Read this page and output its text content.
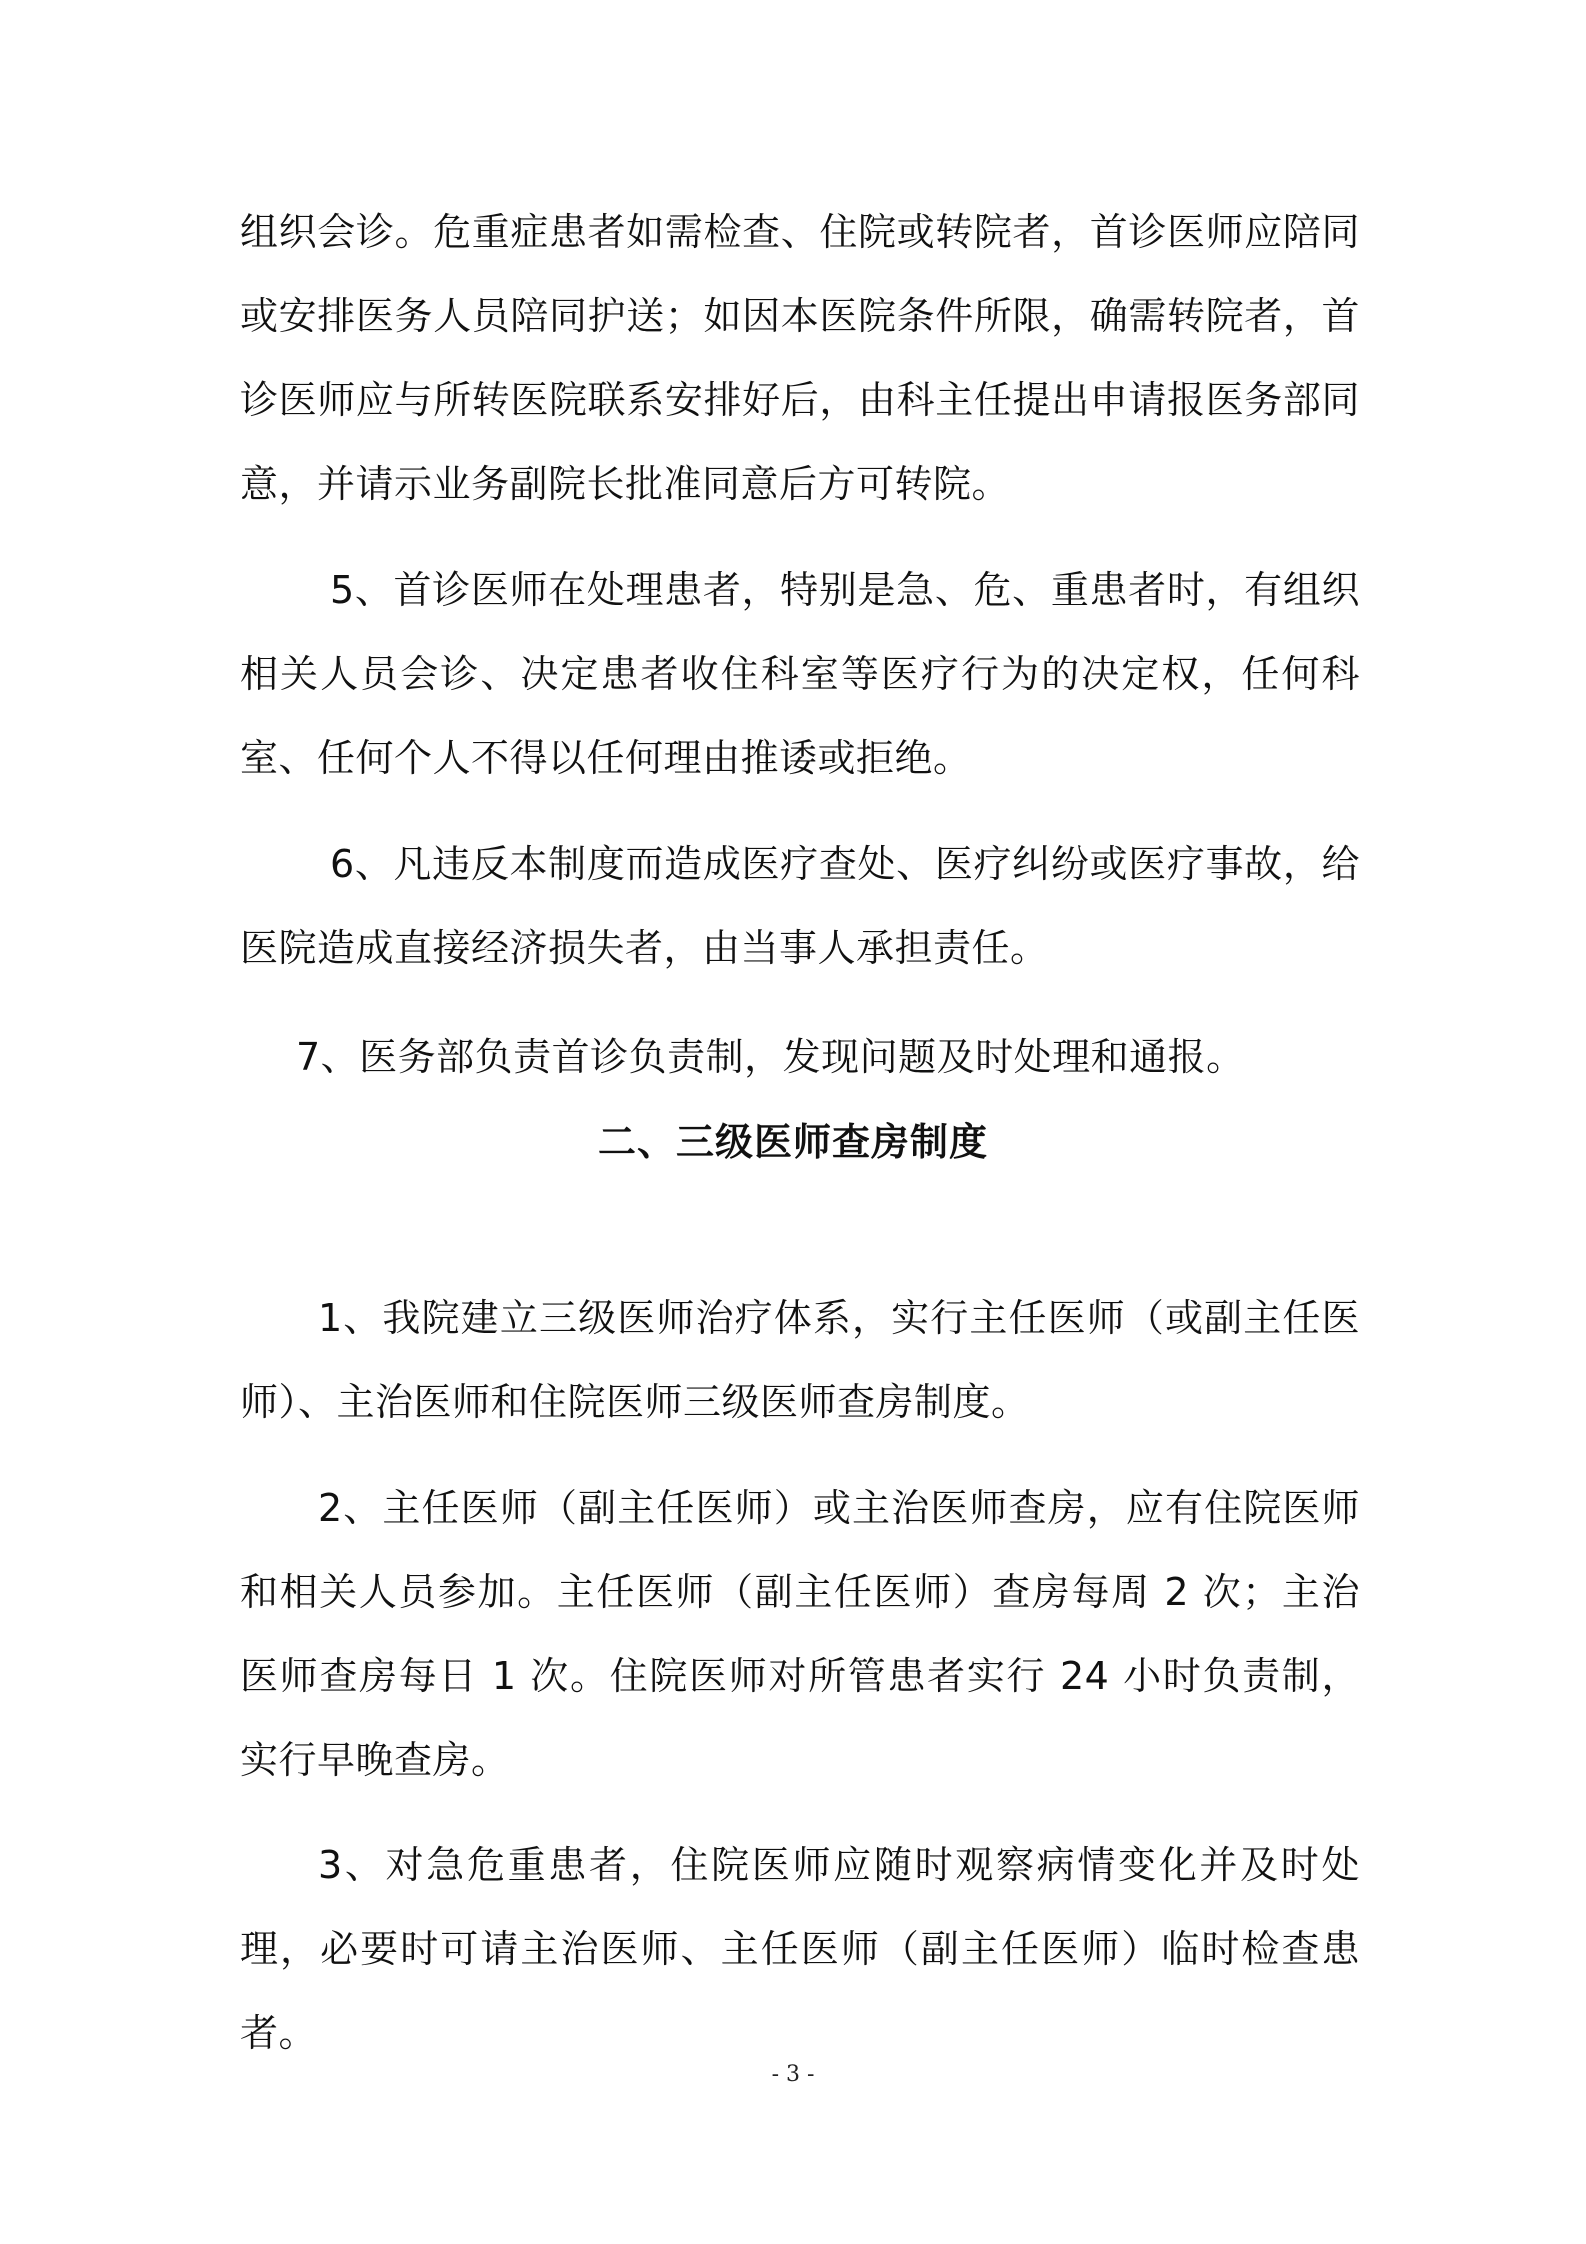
组织会诊。危重症患者如需检查、住院或转院者，首诊医师应陪同或安排医务人员陪同护送；如因本医院条件所限，确需转院者，首诊医师应与所转医院联系安排好后，由科主任提出申请报医务部同意，并请示业务副院长批准同意后方可转院。

5、首诊医师在处理患者，特别是急、危、重患者时，有组织相关人员会诊、决定患者收住科室等医疗行为的决定权，任何科室、任何个人不得以任何理由推诿或拒绝。

6、凡违反本制度而造成医疗查处、医疗纠纷或医疗事故，给医院造成直接经济损失者，由当事人承担责任。

7、医务部负责首诊负责制，发现问题及时处理和通报。

二、三级医师查房制度

1、我院建立三级医师治疗体系，实行主任医师（或副主任医师）、主治医师和住院医师三级医师查房制度。

2、主任医师（副主任医师）或主治医师查房，应有住院医师和相关人员参加。主任医师（副主任医师）查房每周 2 次；主治医师查房每日 1 次。住院医师对所管患者实行 24 小时负责制，实行早晚查房。

3、对急危重患者，住院医师应随时观察病情变化并及时处理，必要时可请主治医师、主任医师（副主任医师）临时检查患者。

- 3 -
